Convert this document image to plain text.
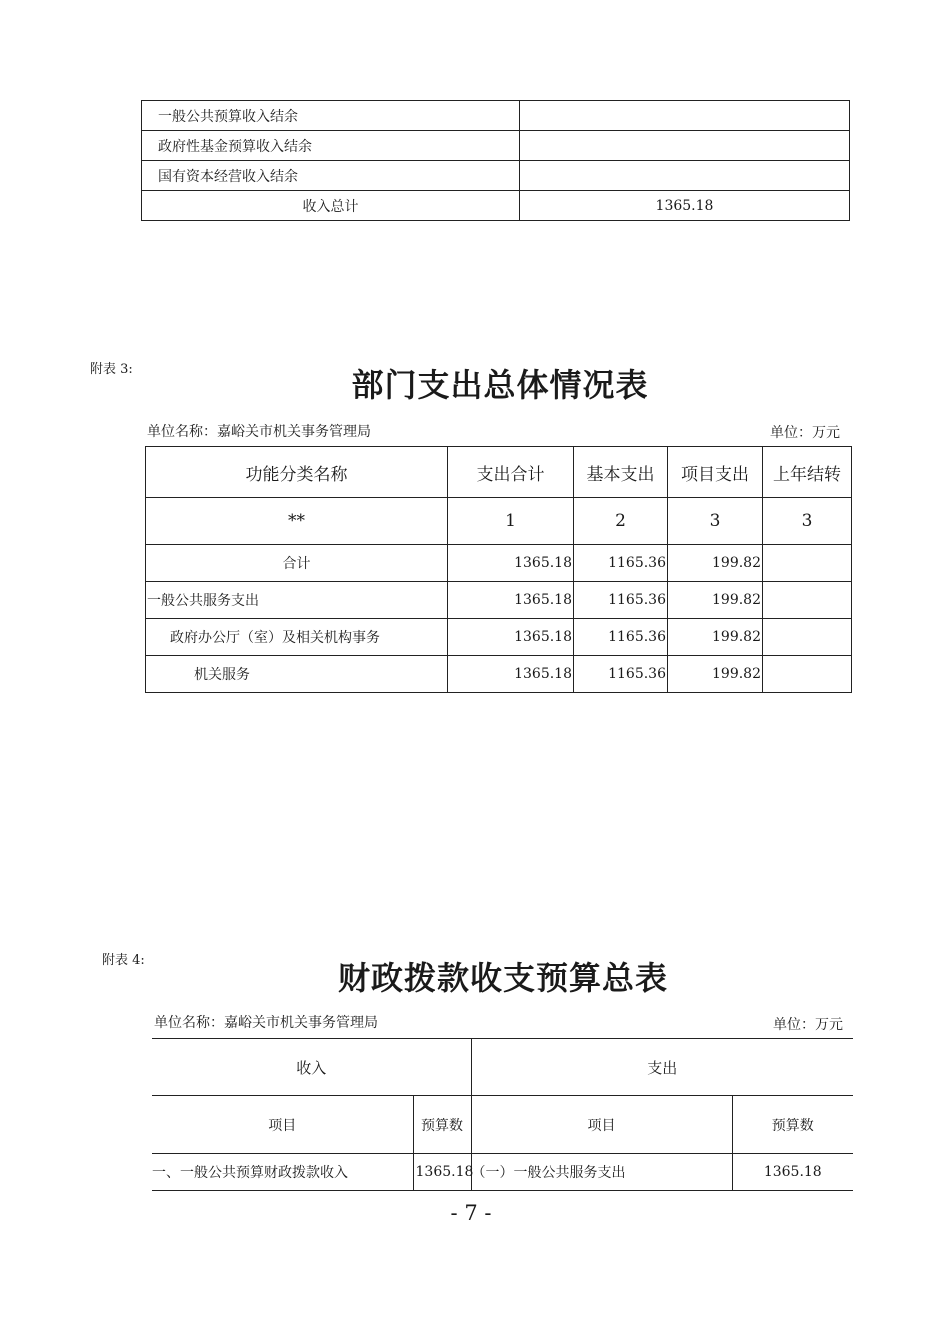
一般公共预算收入结余	
政府性基金预算收入结余	
国有资本经营收入结余	
收入总计	1365.18
附表 3:	部门支出总体情况表
单位名称：嘉峪关市机关事务管理局	单位：万元
功能分类名称	支出合计	基本支出	项目支出	上年结转
**	1	2	3	3
合计	1365.18	1165.36	199.82	
一般公共服务支出	1365.18	1165.36	199.82	
政府办公厅（室）及相关机构事务	1365.18	1165.36	199.82	
机关服务	1365.18	1165.36	199.82	
附表 4:	财政拨款收支预算总表
单位名称：嘉峪关市机关事务管理局	单位：万元
收入		支出	
项目	预算数	项目	预算数
一、一般公共预算财政拨款收入	1365.18	（一）一般公共服务支出	1365.18
- 7 -
